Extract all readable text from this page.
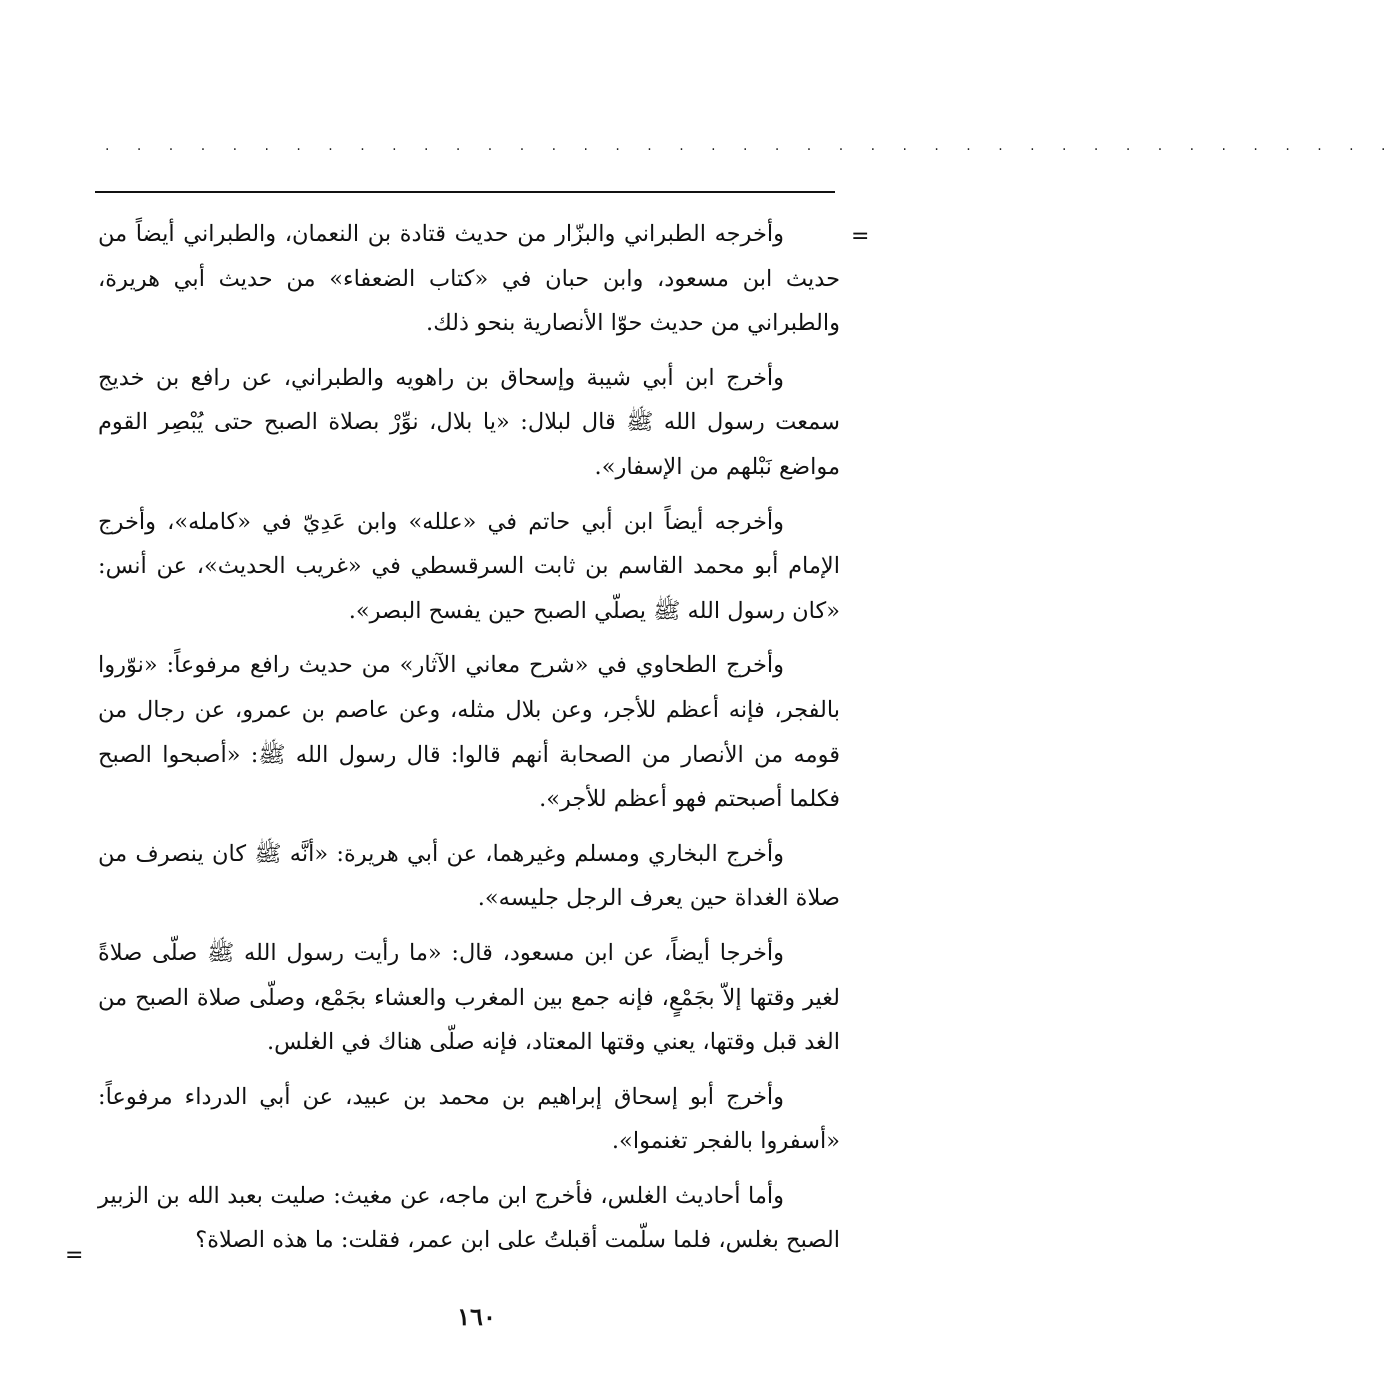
. . . . . . . . . . . . . . . . . . . . . . . . . . . . . . . . . . . . . . . . .
=

وأخرجه الطبراني والبزّار من حديث قتادة بن النعمان، والطبراني أيضاً من حديث ابن مسعود، وابن حبان في «كتاب الضعفاء» من حديث أبي هريرة، والطبراني من حديث حوّا الأنصارية بنحو ذلك.

وأخرج ابن أبي شيبة وإسحاق بن راهويه والطبراني، عن رافع بن خديج سمعت رسول الله ﷺ قال لبلال: «يا بلال، نوِّرْ بصلاة الصبح حتى يُبْصِر القوم مواضع نَبْلهم من الإسفار».

وأخرجه أيضاً ابن أبي حاتم في «علله» وابن عَدِيّ في «كامله»، وأخرج الإمام أبو محمد القاسم بن ثابت السرقسطي في «غريب الحديث»، عن أنس: «كان رسول الله ﷺ يصلّي الصبح حين يفسح البصر».

وأخرج الطحاوي في «شرح معاني الآثار» من حديث رافع مرفوعاً: «نوّروا بالفجر، فإنه أعظم للأجر، وعن بلال مثله، وعن عاصم بن عمرو، عن رجال من قومه من الأنصار من الصحابة أنهم قالوا: قال رسول الله ﷺ: «أصبحوا الصبح فكلما أصبحتم فهو أعظم للأجر».

وأخرج البخاري ومسلم وغيرهما، عن أبي هريرة: «أنَّه ﷺ كان ينصرف من صلاة الغداة حين يعرف الرجل جليسه».

وأخرجا أيضاً، عن ابن مسعود، قال: «ما رأيت رسول الله ﷺ صلّى صلاةً لغير وقتها إلاّ بجَمْعٍ، فإنه جمع بين المغرب والعشاء بجَمْع، وصلّى صلاة الصبح من الغد قبل وقتها، يعني وقتها المعتاد، فإنه صلّى هناك في الغلس.

وأخرج أبو إسحاق إبراهيم بن محمد بن عبيد، عن أبي الدرداء مرفوعاً: «أسفروا بالفجر تغنموا».

وأما أحاديث الغلس، فأخرج ابن ماجه، عن مغيث: صليت بعبد الله بن الزبير الصبح بغلس، فلما سلّمت أقبلتُ على ابن عمر، فقلت: ما هذه الصلاة؟

=
١٦٠
